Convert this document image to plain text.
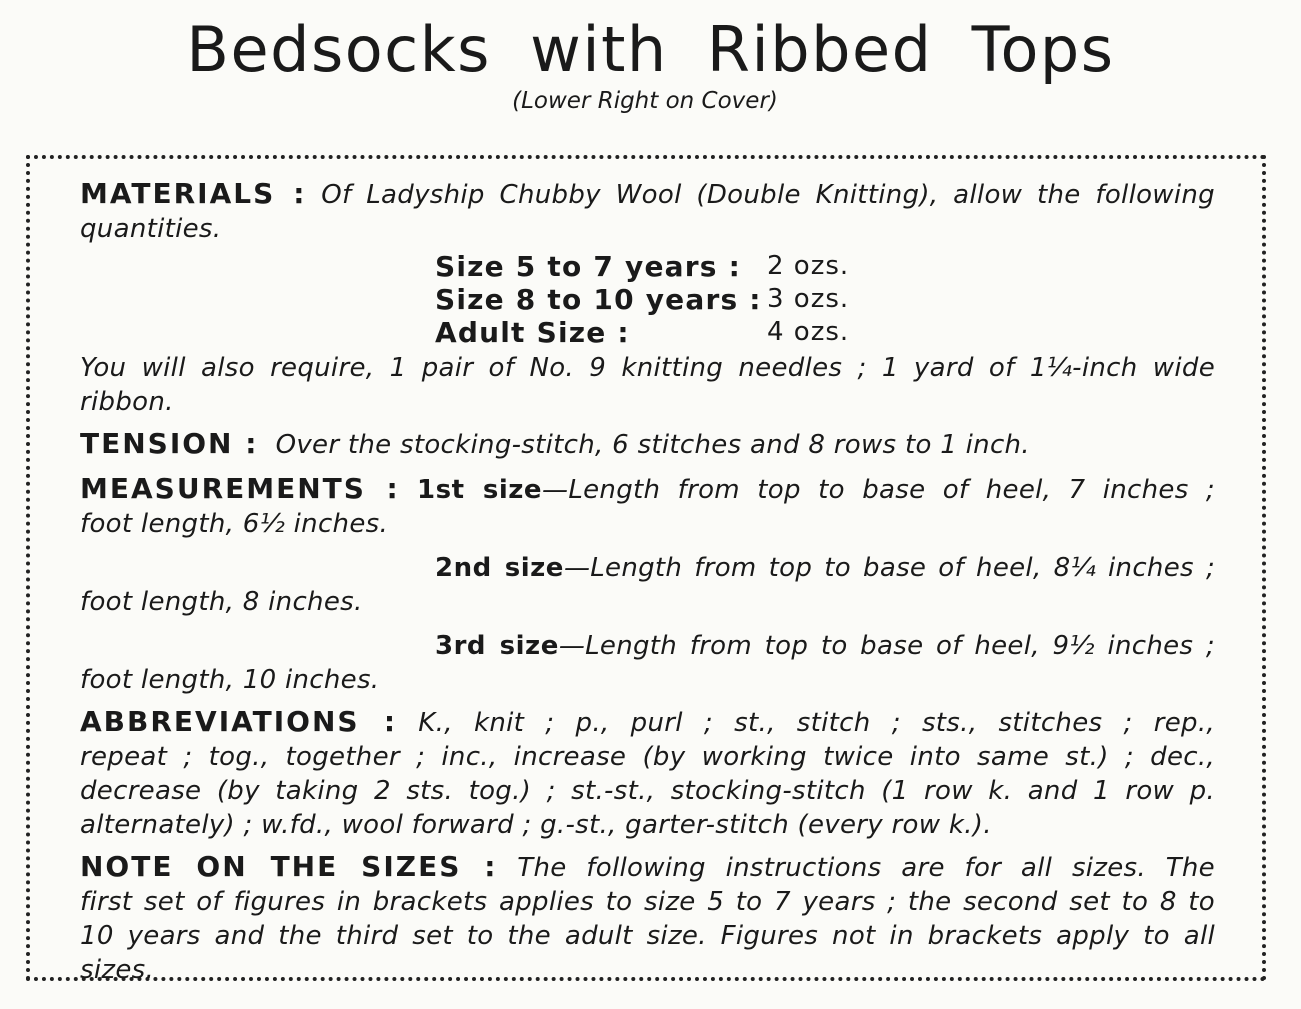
Bedsocks with Ribbed Tops
(Lower Right on Cover)

MATERIALS : Of Ladyship Chubby Wool (Double Knitting), allow the following

quantities.

Size 5 to 7 years :	2 ozs.
Size 8 to 10 years : 3 ozs.
Adult Size :	4 ozs.

You will also require, 1 pair of No. 9 knitting needles ; 1 yard of 1¼-inch wide

ribbon.

TENSION : Over the stocking-stitch, 6 stitches and 8 rows to 1 inch.

MEASUREMENTS : 1st size—Length from top to base of heel, 7 inches ;

foot length, 6½ inches.

2nd size—Length from top to base of heel, 8¼ inches ;

foot length, 8 inches.

3rd size—Length from top to base of heel, 9½ inches ;

foot length, 10 inches.

ABBREVIATIONS : K., knit ; p., purl ; st., stitch ; sts., stitches ; rep.,

repeat ; tog., together ; inc., increase (by working twice into same st.) ; dec.,

decrease (by taking 2 sts. tog.) ; st.-st., stocking-stitch (1 row k. and 1 row p.

alternately) ; w.fd., wool forward ; g.-st., garter-stitch (every row k.).

NOTE ON THE SIZES : The following instructions are for all sizes. The

first set of figures in brackets applies to size 5 to 7 years ; the second set to 8 to

10 years and the third set to the adult size. Figures not in brackets apply to all

sizes.
